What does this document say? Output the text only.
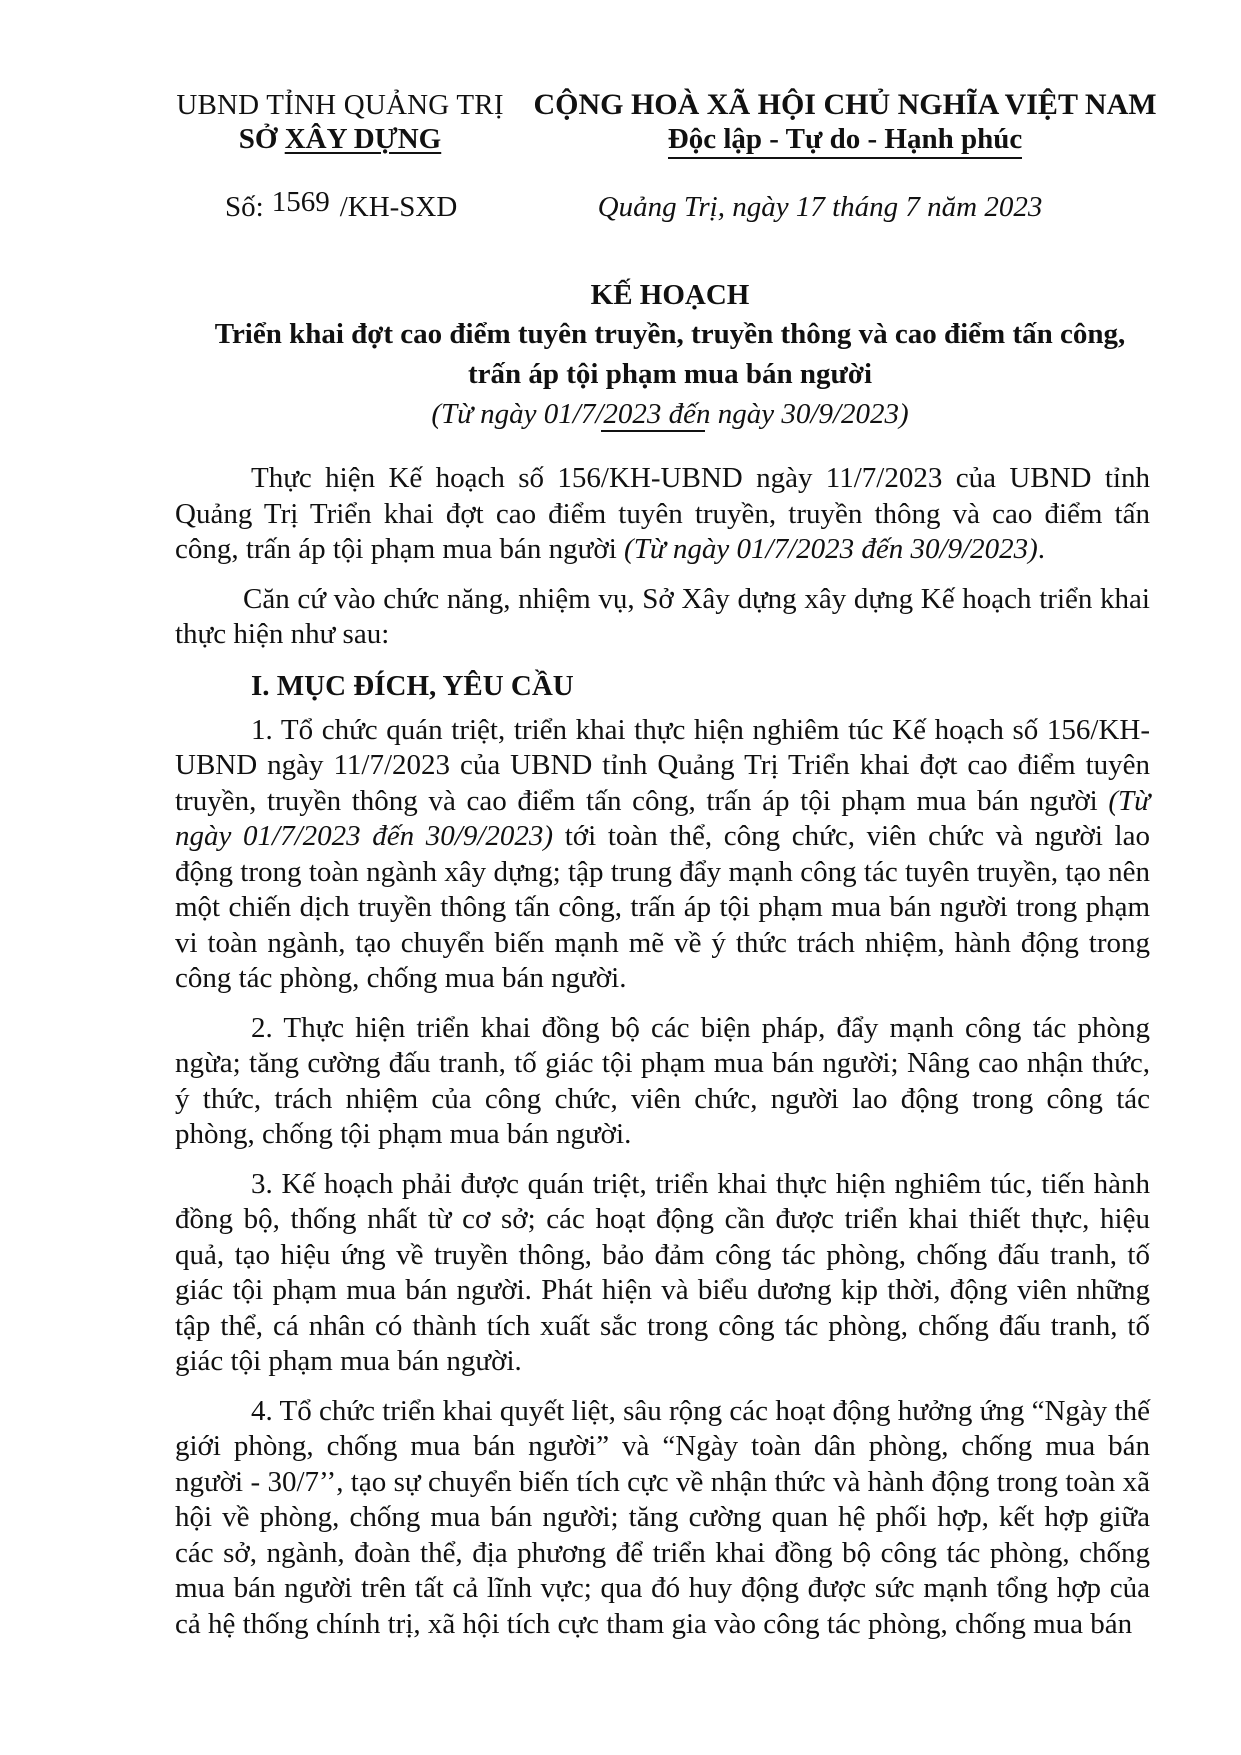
UBND TỈNH QUẢNG TRỊ
SỞ XÂY DỰNG
CỘNG HOÀ XÃ HỘI CHỦ NGHĨA VIỆT NAM
Độc lập - Tự do - Hạnh phúc
Số: 1569 /KH-SXD	Quảng Trị, ngày 17 tháng 7 năm 2023
KẾ HOẠCH
Triển khai đợt cao điểm tuyên truyền, truyền thông và cao điểm tấn công,
trấn áp tội phạm mua bán người
(Từ ngày 01/7/2023 đến ngày 30/9/2023)

Thực hiện Kế hoạch số 156/KH-UBND ngày 11/7/2023 của UBND tỉnh Quảng Trị Triển khai đợt cao điểm tuyên truyền, truyền thông và cao điểm tấn công, trấn áp tội phạm mua bán người (Từ ngày 01/7/2023 đến 30/9/2023).

Căn cứ vào chức năng, nhiệm vụ, Sở Xây dựng xây dựng Kế hoạch triển khai thực hiện như sau:

I. MỤC ĐÍCH, YÊU CẦU

1. Tổ chức quán triệt, triển khai thực hiện nghiêm túc Kế hoạch số 156/KH-UBND ngày 11/7/2023 của UBND tỉnh Quảng Trị Triển khai đợt cao điểm tuyên truyền, truyền thông và cao điểm tấn công, trấn áp tội phạm mua bán người (Từ ngày 01/7/2023 đến 30/9/2023) tới toàn thể, công chức, viên chức và người lao động trong toàn ngành xây dựng; tập trung đẩy mạnh công tác tuyên truyền, tạo nên một chiến dịch truyền thông tấn công, trấn áp tội phạm mua bán người trong phạm vi toàn ngành, tạo chuyển biến mạnh mẽ về ý thức trách nhiệm, hành động trong công tác phòng, chống mua bán người.

2. Thực hiện triển khai đồng bộ các biện pháp, đẩy mạnh công tác phòng ngừa; tăng cường đấu tranh, tố giác tội phạm mua bán người; Nâng cao nhận thức, ý thức, trách nhiệm của công chức, viên chức, người lao động trong công tác phòng, chống tội phạm mua bán người.

3. Kế hoạch phải được quán triệt, triển khai thực hiện nghiêm túc, tiến hành đồng bộ, thống nhất từ cơ sở; các hoạt động cần được triển khai thiết thực, hiệu quả, tạo hiệu ứng về truyền thông, bảo đảm công tác phòng, chống đấu tranh, tố giác tội phạm mua bán người. Phát hiện và biểu dương kịp thời, động viên những tập thể, cá nhân có thành tích xuất sắc trong công tác phòng, chống đấu tranh, tố giác tội phạm mua bán người.

4. Tổ chức triển khai quyết liệt, sâu rộng các hoạt động hưởng ứng “Ngày thế giới phòng, chống mua bán người” và “Ngày toàn dân phòng, chống mua bán người - 30/7’’, tạo sự chuyển biến tích cực về nhận thức và hành động trong toàn xã hội về phòng, chống mua bán người; tăng cường quan hệ phối hợp, kết hợp giữa các sở, ngành, đoàn thể, địa phương để triển khai đồng bộ công tác phòng, chống mua bán người trên tất cả lĩnh vực; qua đó huy động được sức mạnh tổng hợp của cả hệ thống chính trị, xã hội tích cực tham gia vào công tác phòng, chống mua bán
